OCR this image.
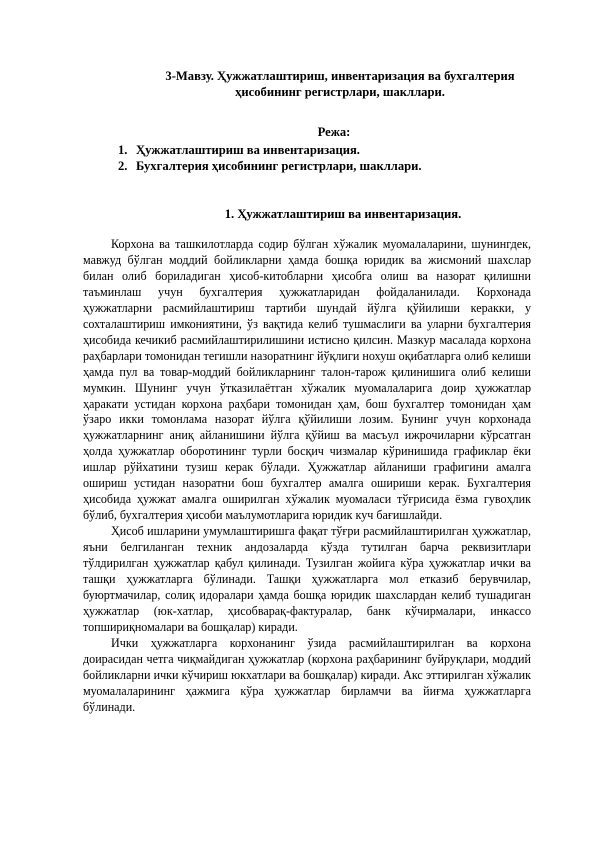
3-Мавзу. Ҳужжатлаштириш, инвентаризация ва бухгалтерия
ҳисобининг регистрлари, шакллари.
Режа:
1. Ҳужжатлаштириш ва инвентаризация.
2. Бухгалтерия ҳисобининг регистрлари, шакллари.
1. Ҳужжатлаштириш ва инвентаризация.

Корхона ва ташкилотларда содир бўлган хўжалик муомалаларини, шунингдек, мавжуд бўлган моддий бойликларни ҳамда бошқа юридик ва жисмоний шахслар билан олиб бориладиган ҳисоб-китобларни ҳисобга олиш ва назорат қилишни таъминлаш учун бухгалтерия ҳужжатларидан фойдаланилади. Корхонада ҳужжатларни расмийлаштириш тартиби шундай йўлга қўйилиши керакки, у сохталаштириш имкониятини, ўз вақтида келиб тушмаслиги ва уларни бухгалтерия ҳисобида кечикиб расмийлаштирилишини истисно қилсин. Мазкур масалада корхона раҳбарлари томонидан тегишли назоратнинг йўқлиги нохуш оқибатларга олиб келиши ҳамда пул ва товар-моддий бойликларнинг талон-тарож қилинишига олиб келиши мумкин. Шунинг учун ўтказилаётган хўжалик муомалаларига доир ҳужжатлар ҳаракати устидан корхона раҳбари томонидан ҳам, бош бухгалтер томонидан ҳам ўзаро икки томонлама назорат йўлга қўйилиши лозим. Бунинг учун корхонада ҳужжатларнинг аниқ айланишини йўлга қўйиш ва масъул ижрочиларни кўрсатган ҳолда ҳужжатлар оборотининг турли босқич чизмалар кўринишида графиклар ёки ишлар рўйхатини тузиш керак бўлади. Ҳужжатлар айланиши графигини амалга ошириш устидан назоратни бош бухгалтер амалга ошириши керак. Бухгалтерия ҳисобида ҳужжат амалга оширилган хўжалик муомаласи тўғрисида ёзма гувоҳлик бўлиб, бухгалтерия ҳисоби маълумотларига юридик куч бағишлайди.

Ҳисоб ишларини умумлаштиришга фақат тўғри расмийлаштирилган ҳужжатлар, яъни белгиланган техник андозаларда кўзда тутилган барча реквизитлари тўлдирилган ҳужжатлар қабул қилинади. Тузилган жойига кўра ҳужжатлар ички ва ташқи ҳужжатларга бўлинади. Ташқи ҳужжатларга мол етказиб берувчилар, буюртмачилар, солиқ идоралари ҳамда бошқа юридик шахслардан келиб тушадиган ҳужжатлар (юк-хатлар, ҳисобварақ-фактуралар, банк кўчирмалари, инкассо топшириқномалари ва бошқалар) киради.

Ички ҳужжатларга корхонанинг ўзида расмийлаштирилган ва корхона доирасидан четга чиқмайдиган ҳужжатлар (корхона раҳбарининг буйруқлари, моддий бойликларни ички кўчириш юкхатлари ва бошқалар) киради. Акс эттирилган хўжалик муомалаларининг ҳажмига кўра ҳужжатлар бирламчи ва йиғма ҳужжатларга бўлинади.
